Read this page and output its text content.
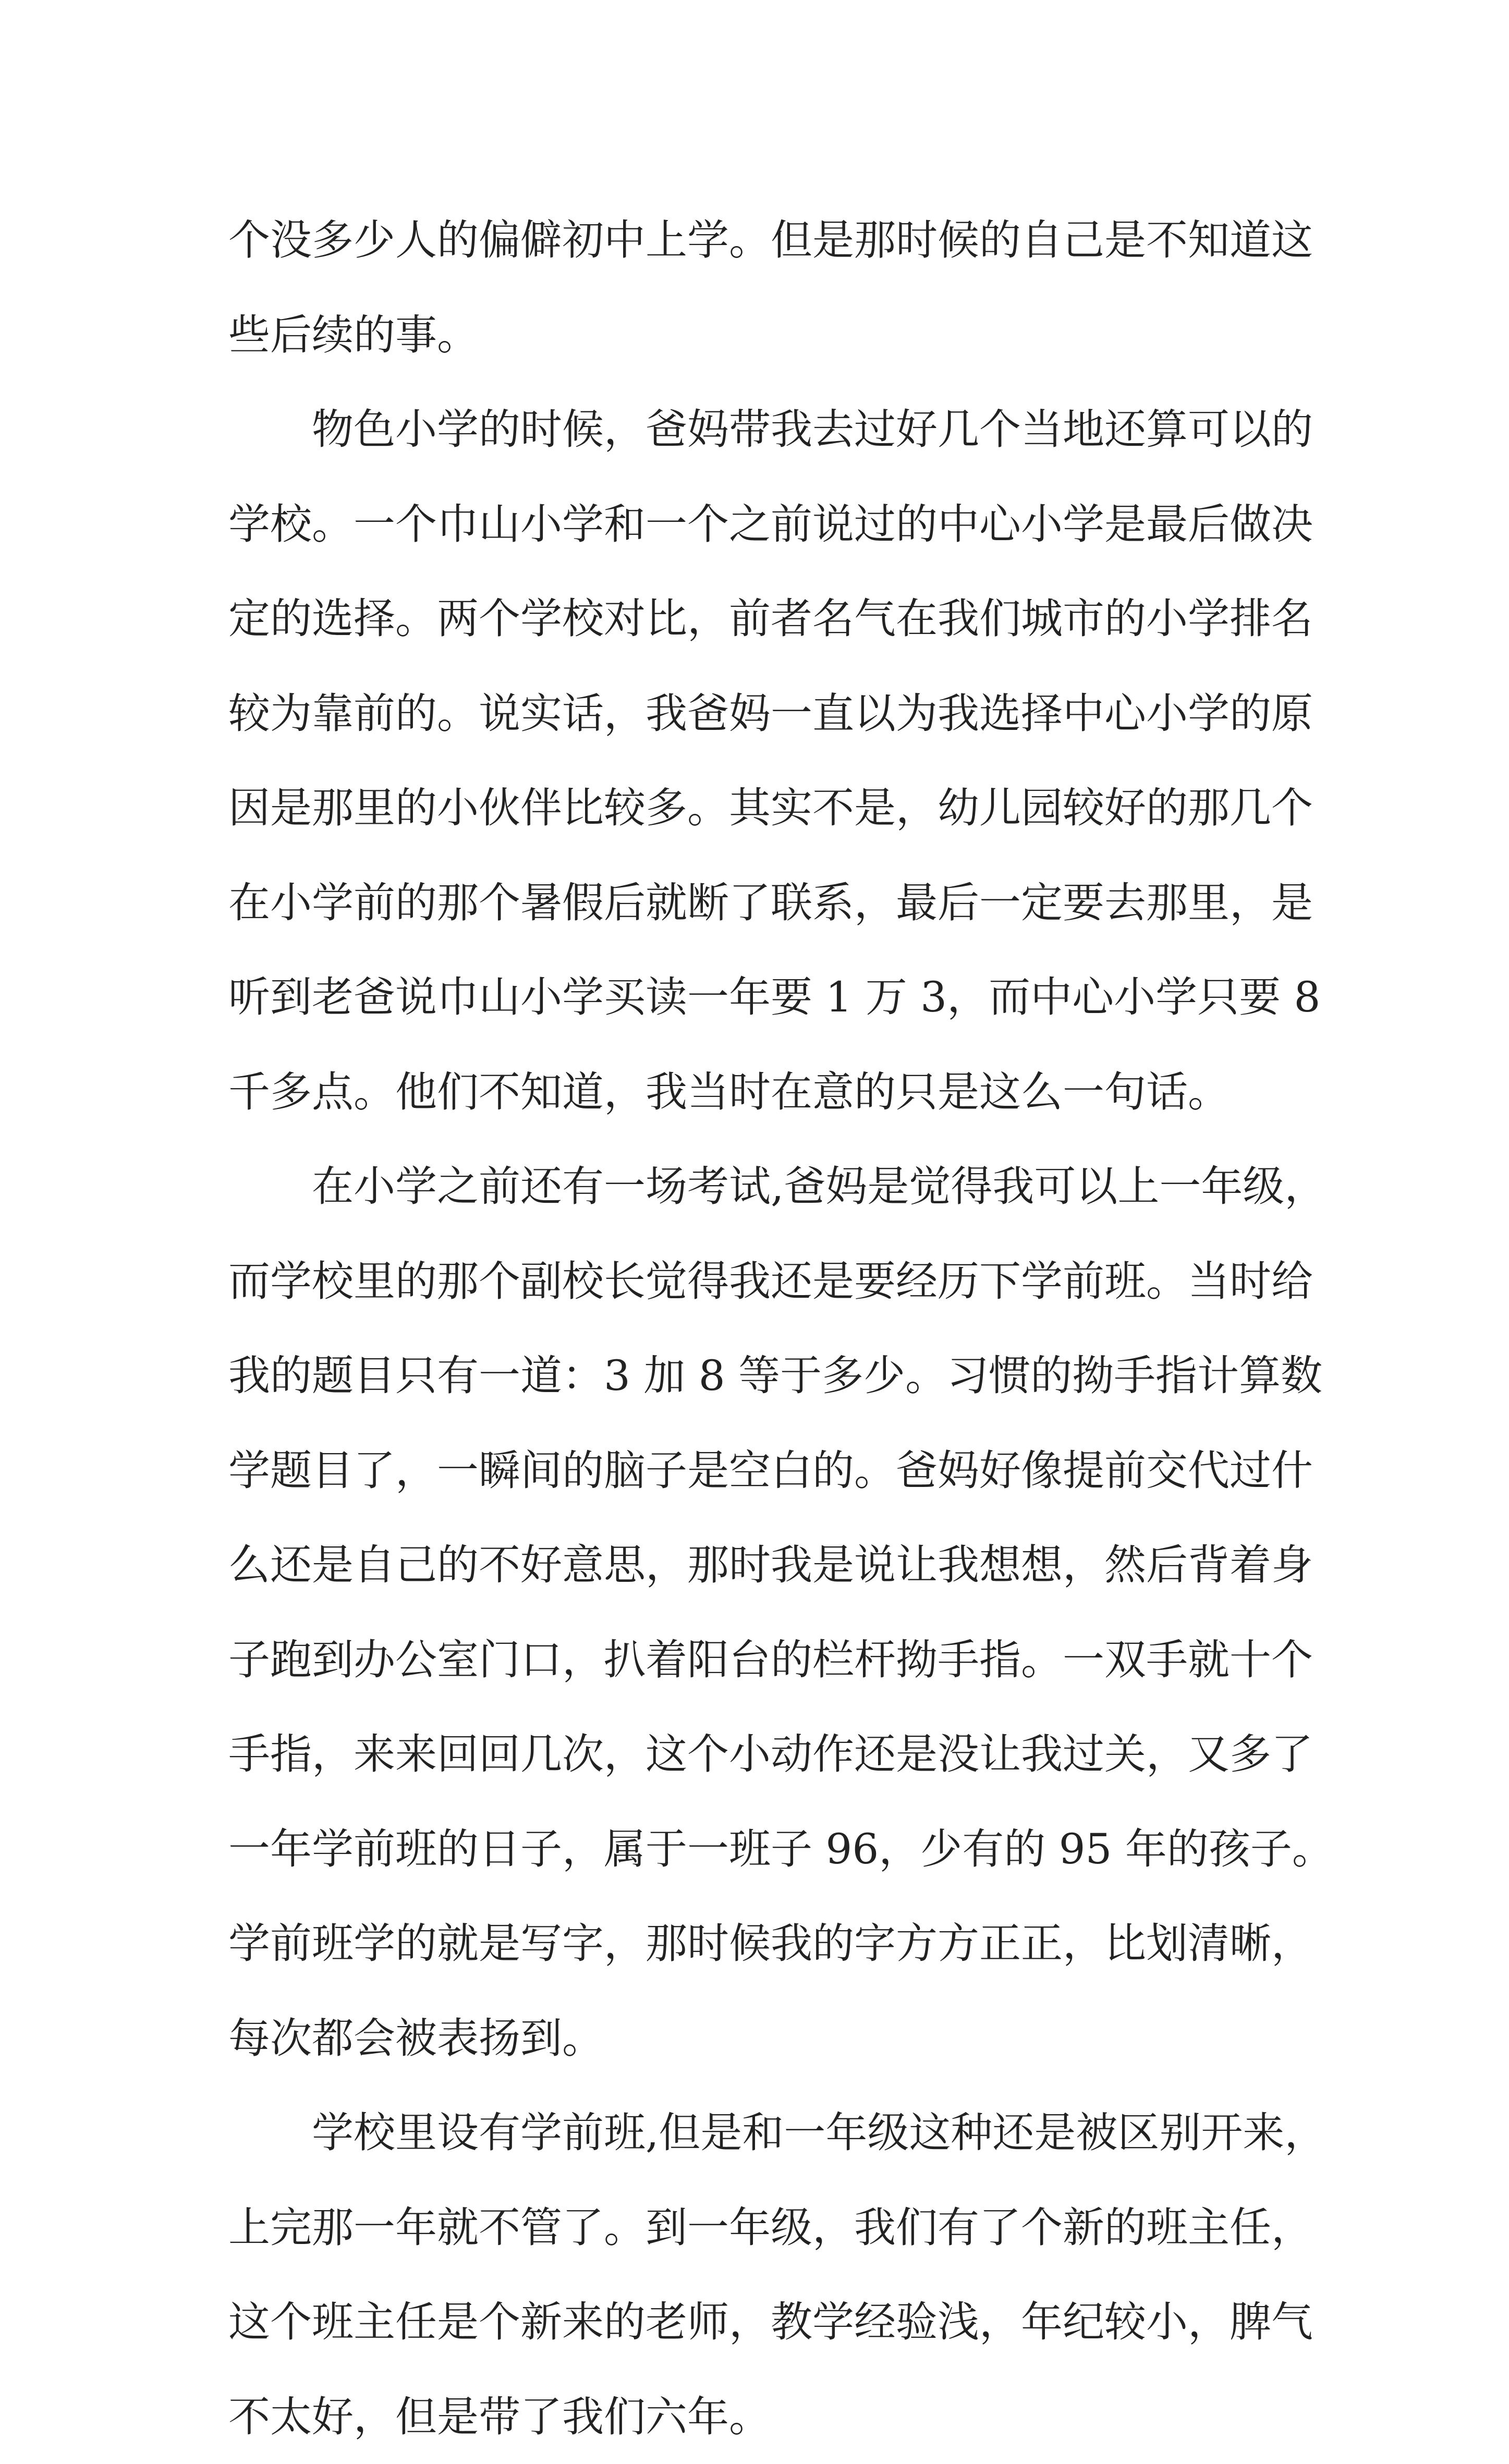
个没多少人的偏僻初中上学。但是那时候的自己是不知道这
些后续的事。
物色小学的时候，爸妈带我去过好几个当地还算可以的
学校。一个巾山小学和一个之前说过的中心小学是最后做决
定的选择。两个学校对比，前者名气在我们城市的小学排名
较为靠前的。说实话，我爸妈一直以为我选择中心小学的原
因是那里的小伙伴比较多。其实不是，幼儿园较好的那几个
在小学前的那个暑假后就断了联系，最后一定要去那里，是
听到老爸说巾山小学买读一年要 1 万 3，而中心小学只要 8
千多点。他们不知道，我当时在意的只是这么一句话。
在小学之前还有一场考试,爸妈是觉得我可以上一年级，
而学校里的那个副校长觉得我还是要经历下学前班。当时给
我的题目只有一道：3 加 8 等于多少。习惯的拗手指计算数
学题目了，一瞬间的脑子是空白的。爸妈好像提前交代过什
么还是自己的不好意思，那时我是说让我想想，然后背着身
子跑到办公室门口，扒着阳台的栏杆拗手指。一双手就十个
手指，来来回回几次，这个小动作还是没让我过关，又多了
一年学前班的日子，属于一班子 96，少有的 95 年的孩子。
学前班学的就是写字，那时候我的字方方正正，比划清晰，
每次都会被表扬到。
学校里设有学前班,但是和一年级这种还是被区别开来，
上完那一年就不管了。到一年级，我们有了个新的班主任，
这个班主任是个新来的老师，教学经验浅，年纪较小，脾气
不太好，但是带了我们六年。
